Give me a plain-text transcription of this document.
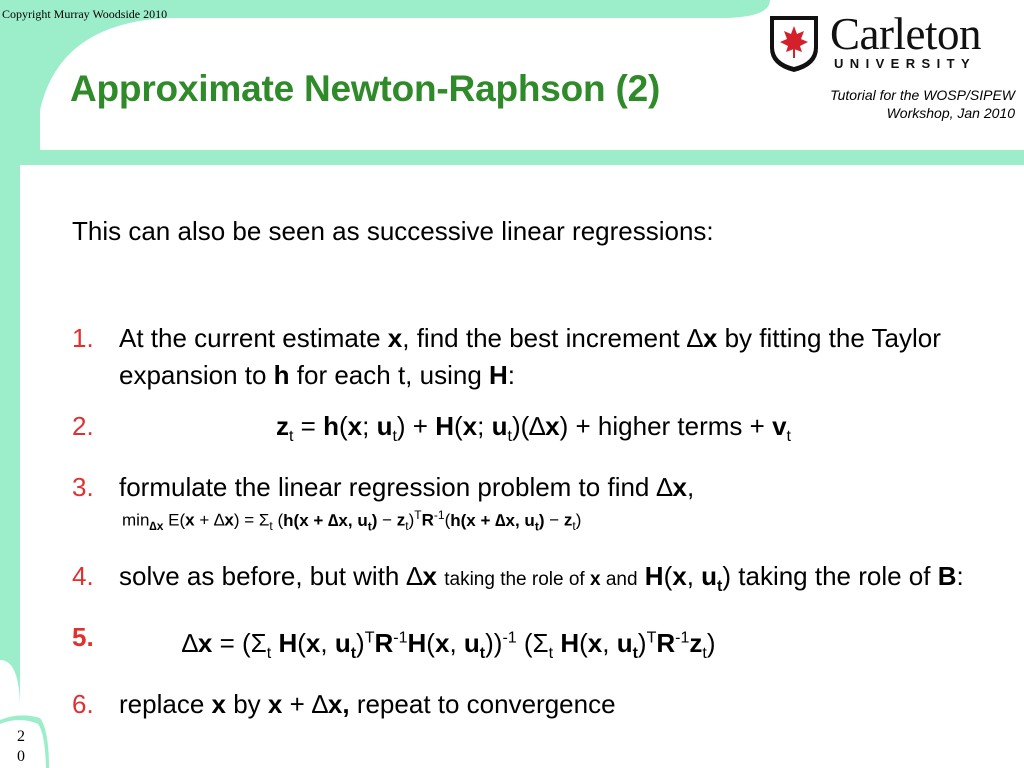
Copyright Murray Woodside 2010
Approximate Newton-Raphson (2)
Carleton
UNIVERSITY
Tutorial for the WOSP/SIPEW
Workshop, Jan 2010
This can also be seen as successive linear regressions:
1. At the current estimate x, find the best increment ∆x by fitting the Taylor expansion to h for each t, using H:
2.	$z_t = h(x$; $u_t) + H(x$; $u_t)(\Delta x)$ + higher terms + $v_t$
3. formulate the linear regression problem to find ∆x,
4. solve as before, but with ∆x taking the role of x and H(x, $u_t$) taking the role of B:
5.	$\Delta x = (\Sigma_t$ H(x, $u_t)^TR^{-1}H(x$, $u_t))^{-1}$ ($\Sigma_t$ H(x, $u_t)^TR^{-1}z_t$)
6. replace x by x + ∆x, repeat to convergence
$\min_{\Delta x} E(x + \Delta x) = \Sigma_t$ (h(x + ∆x, $u_t) - z_t)^TR^{-1}(h(x + \Delta x$, $u_t) - z_t$)
2
0
